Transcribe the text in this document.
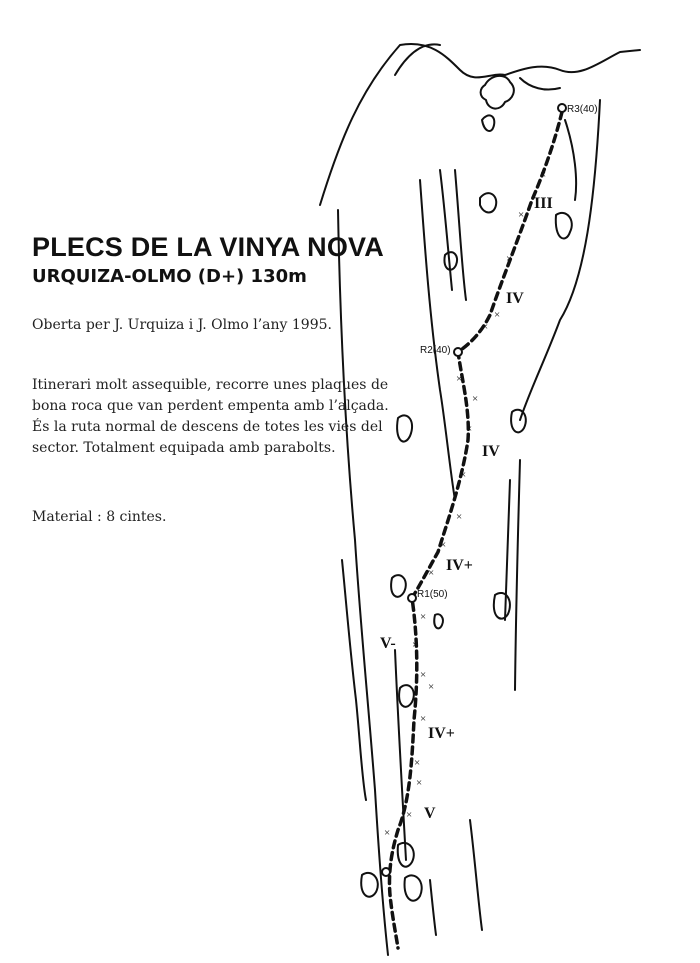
×
×
×
×
×
×
×
×
×
×
×
×
×
×
×
×
×
×
×
×
×
R3(40)
R2(40)
R1(50)
III
IV
IV
IV+
V-
IV+
V
PLECS DE LA VINYA NOVA
URQUIZA-OLMO (D+) 130m

Oberta per J. Urquiza i J. Olmo l’any 1995.

Itinerari molt assequible, recorre unes plaques de bona roca que van perdent empenta amb l’alçada. És la ruta normal de descens de totes les vies del sector. Totalment equipada amb parabolts.

Material : 8 cintes.
